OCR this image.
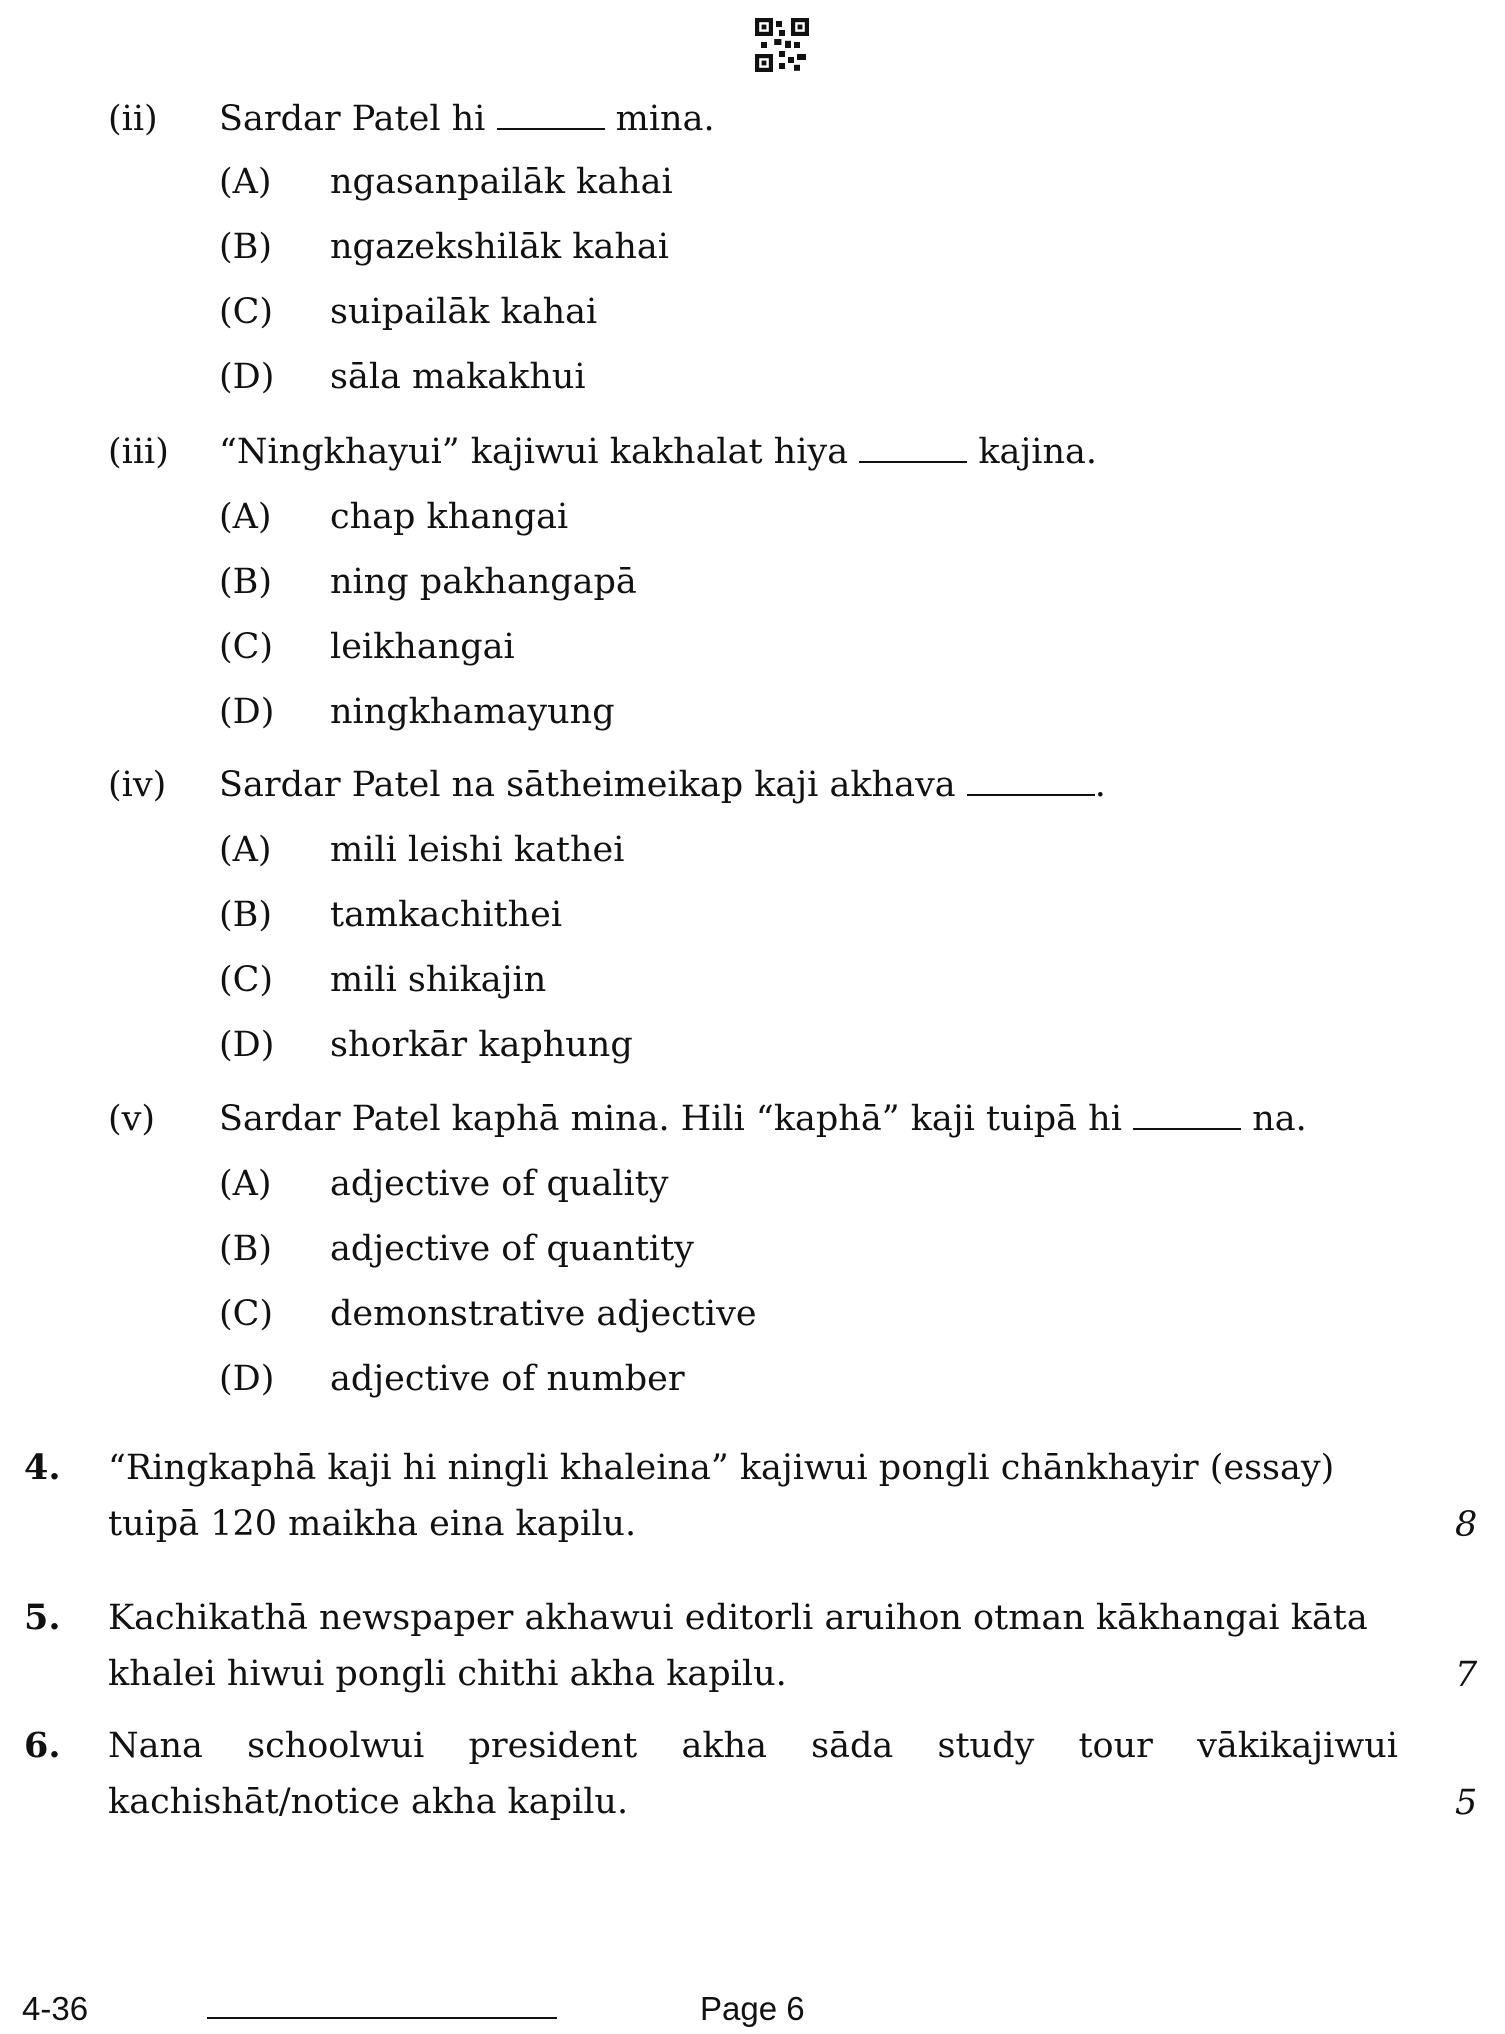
(ii) Sardar Patel hi	mina.
(A) ngasanpailāk kahai
(B) ngazekshilāk kahai
(C) suipailāk kahai
(D) sāla makakhui
(iii) “Ningkhayui” kajiwui kakhalat hiya	kajina.
(A) chap khangai
(B) ning pakhangapā
(C) leikhangai
(D) ningkhamayung
(iv) Sardar Patel na sātheimeikap kaji akhava	.
(A) mili leishi kathei
(B) tamkachithei
(C) mili shikajin
(D) shorkār kaphung
(v) Sardar Patel kaphā mina. Hili “kaphā” kaji tuipā hi	na.
(A) adjective of quality
(B) adjective of quantity
(C) demonstrative adjective
(D) adjective of number
4. “Ringkaphā kaji hi ningli khaleina” kajiwui pongli chānkhayir (essay)
tuipā 120 maikha eina kapilu.	8
5. Kachikathā newspaper akhawui editorli aruihon otman kākhangai kāta
khalei hiwui pongli chithi akha kapilu.	7
6. Nana schoolwui president akha sāda study tour vākikajiwui
kachishāt/notice akha kapilu.	5
4-36	Page 6
